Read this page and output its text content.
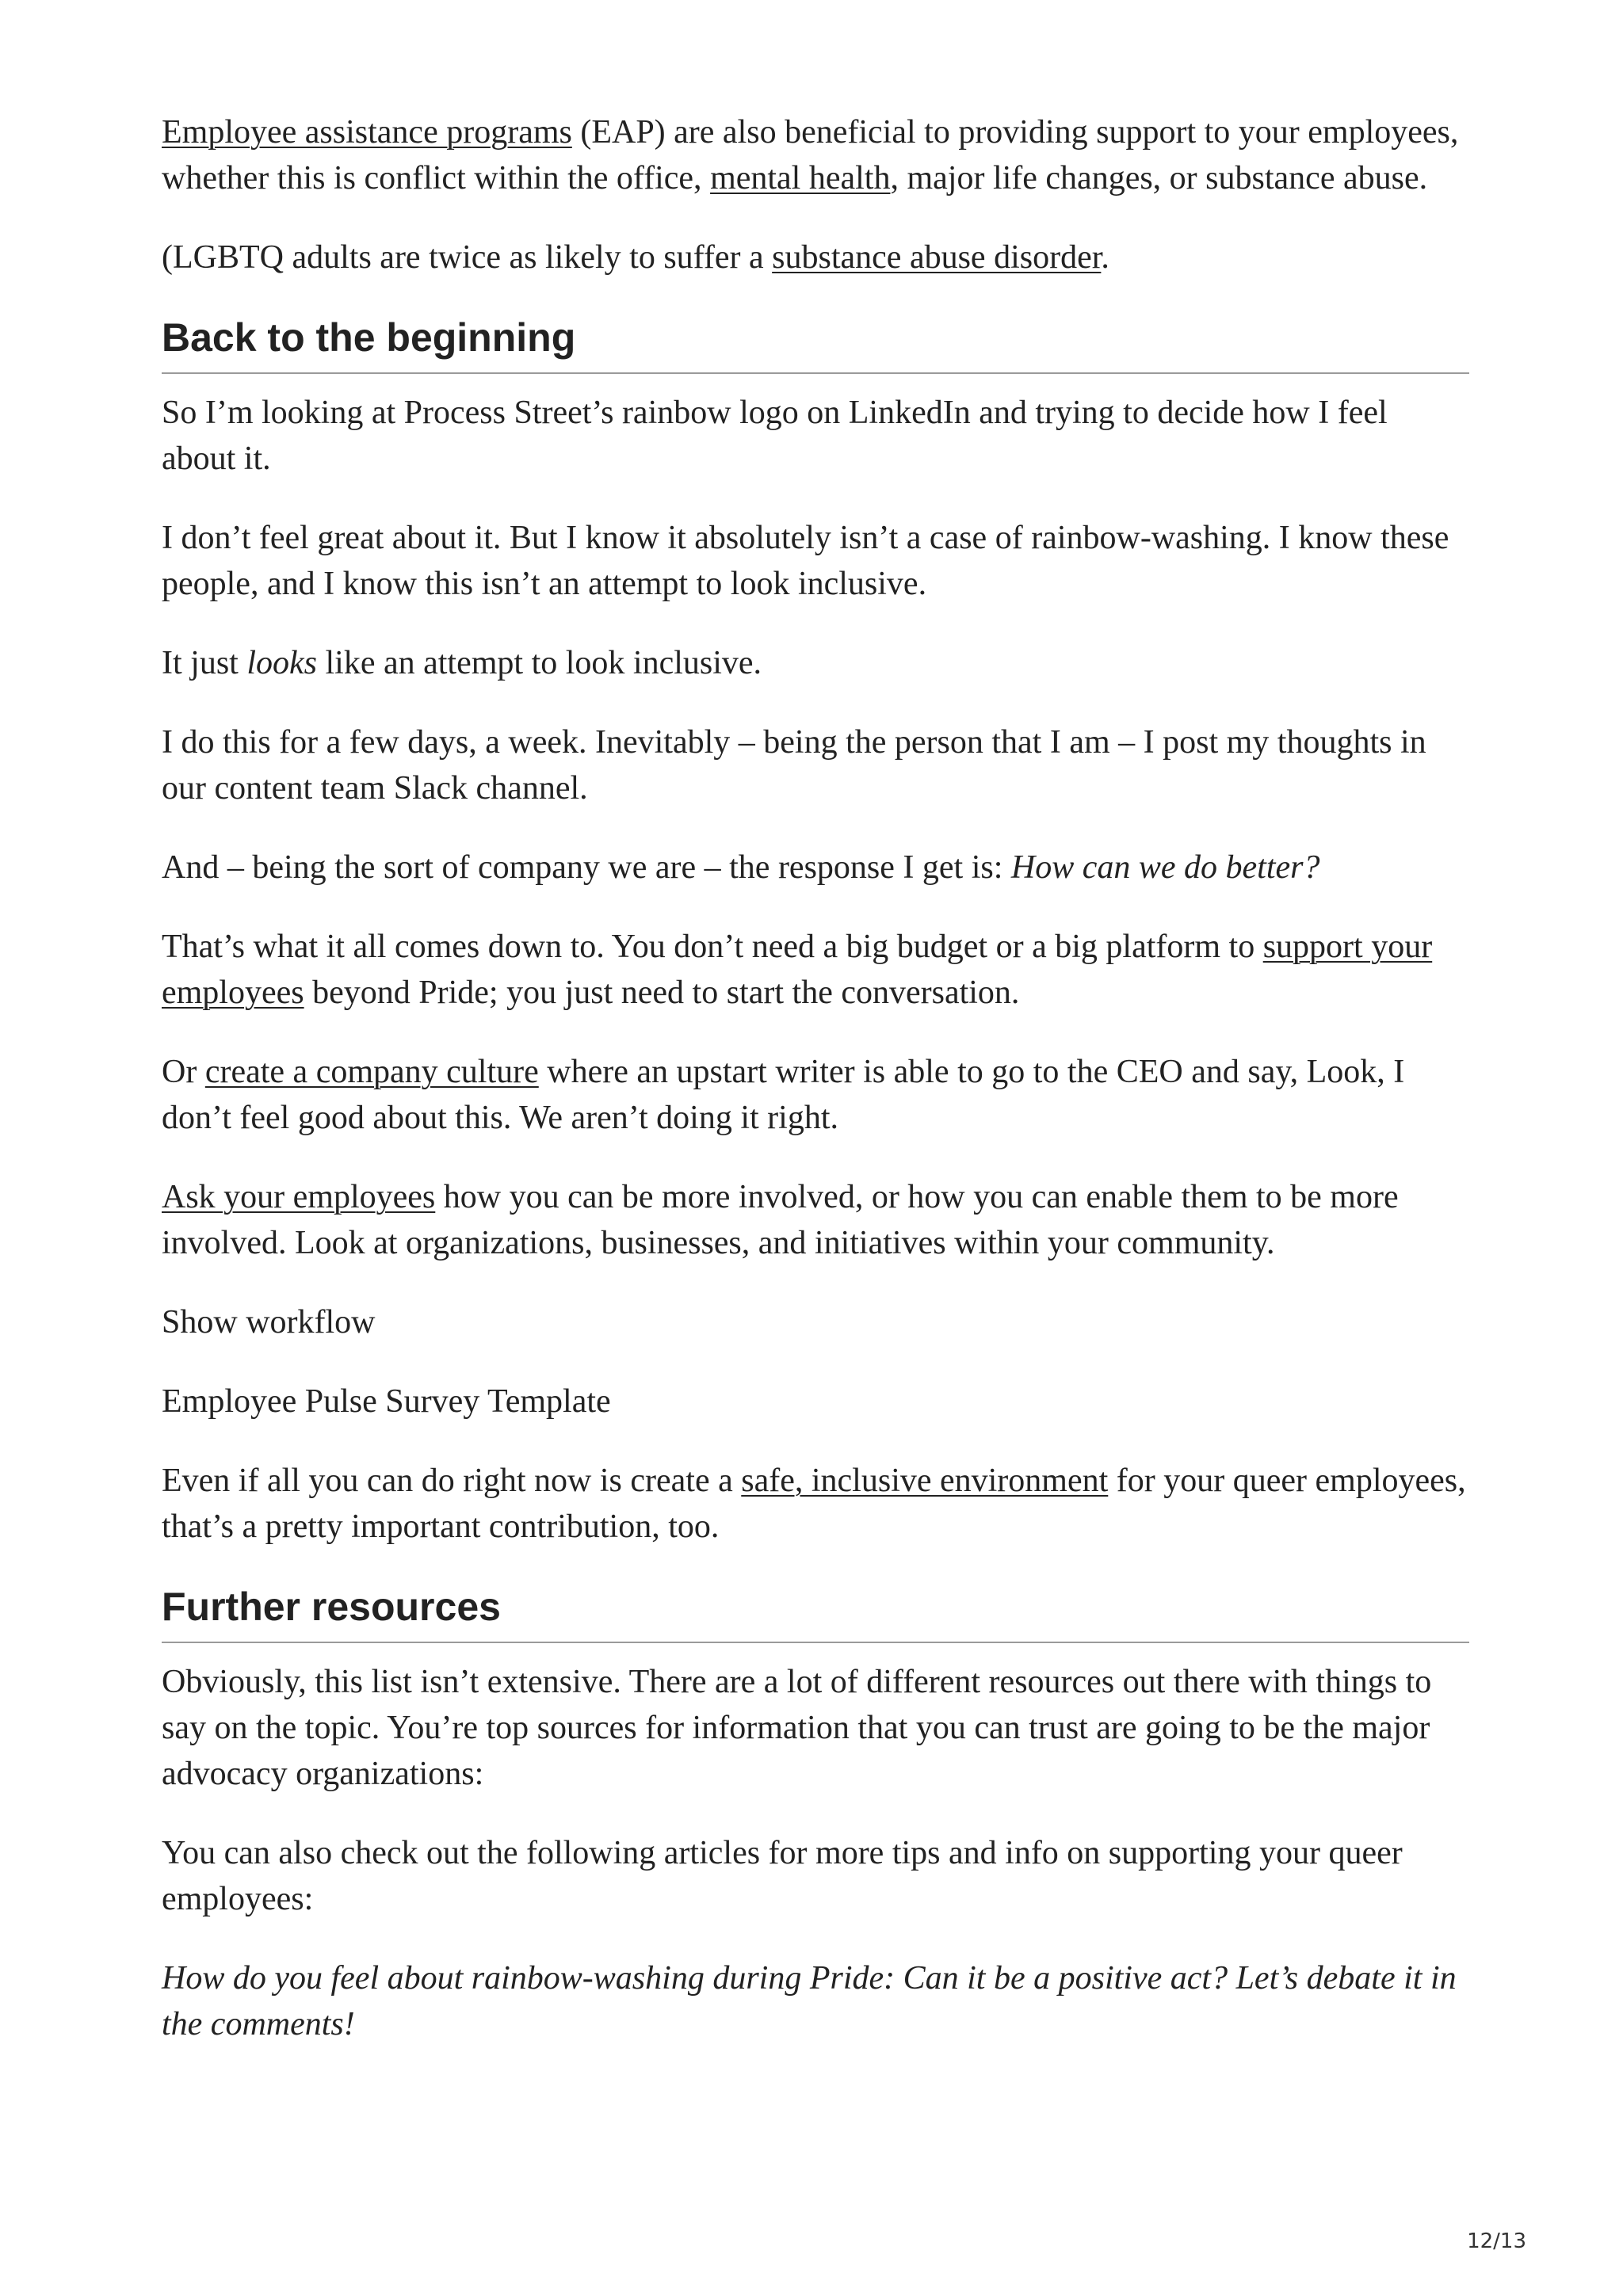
Employee assistance programs (EAP) are also beneficial to providing support to your employees, whether this is conflict within the office, mental health, major life changes, or substance abuse.

(LGBTQ adults are twice as likely to suffer a substance abuse disorder.

Back to the beginning

So I’m looking at Process Street’s rainbow logo on LinkedIn and trying to decide how I feel about it.

I don’t feel great about it. But I know it absolutely isn’t a case of rainbow-washing. I know these people, and I know this isn’t an attempt to look inclusive.

It just looks like an attempt to look inclusive.

I do this for a few days, a week. Inevitably – being the person that I am – I post my thoughts in our content team Slack channel.

And – being the sort of company we are – the response I get is: How can we do better?

That’s what it all comes down to. You don’t need a big budget or a big platform to support your employees beyond Pride; you just need to start the conversation.

Or create a company culture where an upstart writer is able to go to the CEO and say, Look, I don’t feel good about this. We aren’t doing it right.

Ask your employees how you can be more involved, or how you can enable them to be more involved. Look at organizations, businesses, and initiatives within your community.

Show workflow

Employee Pulse Survey Template

Even if all you can do right now is create a safe, inclusive environment for your queer employees, that’s a pretty important contribution, too.

Further resources

Obviously, this list isn’t extensive. There are a lot of different resources out there with things to say on the topic. You’re top sources for information that you can trust are going to be the major advocacy organizations:

You can also check out the following articles for more tips and info on supporting your queer employees:

How do you feel about rainbow-washing during Pride: Can it be a positive act? Let’s debate it in the comments!

12/13
